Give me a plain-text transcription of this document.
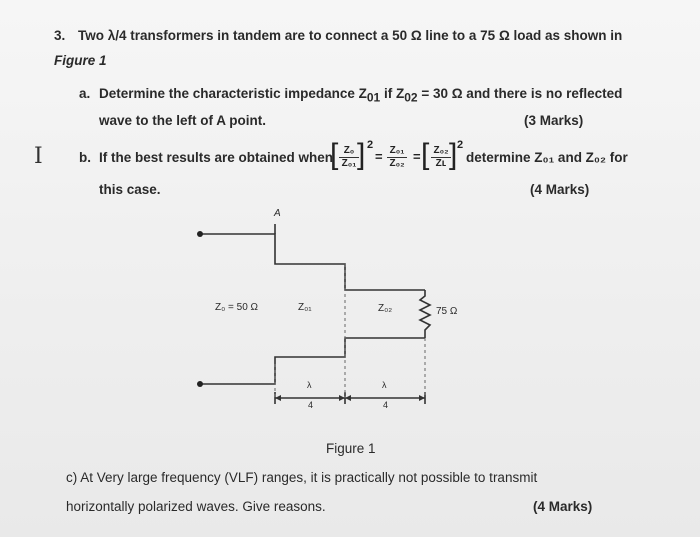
3. Two λ/4 transformers in tandem are to connect a 50 Ω line to a 75 Ω load as shown in
Figure 1
a. Determine the characteristic impedance $Z_{01}$ if $Z_{02} = 30$ Ω and there is no reflected
wave to the left of A point.	(3 Marks)
I	b. If the best results are obtained when
[ Z₀
Z₀₁ ] 2
= Z₀₁
Z₀₂ = [ Z₀₂
Zʟ ] 2
determine Z₀₁ and Z₀₂ for
this case.	(4 Marks)
A
Z₀ = 50 Ω	Z₀₁	Z₀₂	75 Ω
λ
4
λ
4
Figure 1
c) At Very large frequency (VLF) ranges, it is practically not possible to transmit
horizontally polarized waves. Give reasons.	(4 Marks)
